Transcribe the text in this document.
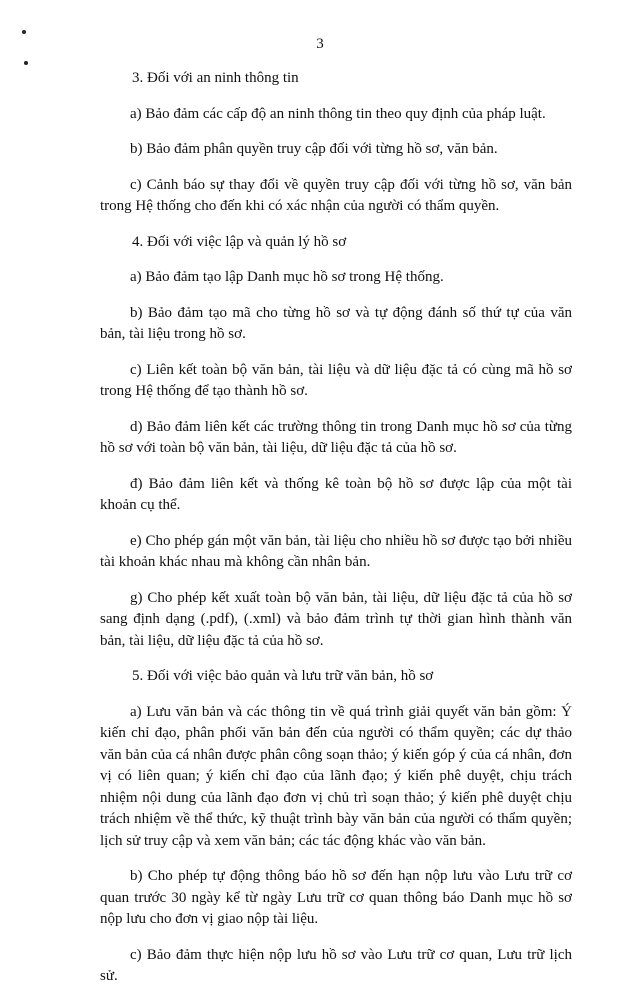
3

3. Đối với an ninh thông tin

a) Bảo đảm các cấp độ an ninh thông tin theo quy định của pháp luật.

b) Bảo đảm phân quyền truy cập đối với từng hồ sơ, văn bản.

c) Cảnh báo sự thay đổi về quyền truy cập đối với từng hồ sơ, văn bản trong Hệ thống cho đến khi có xác nhận của người có thẩm quyền.

4. Đối với việc lập và quản lý hồ sơ

a) Bảo đảm tạo lập Danh mục hồ sơ trong Hệ thống.

b) Bảo đảm tạo mã cho từng hồ sơ và tự động đánh số thứ tự của văn bản, tài liệu trong hồ sơ.

c) Liên kết toàn bộ văn bản, tài liệu và dữ liệu đặc tả có cùng mã hồ sơ trong Hệ thống để tạo thành hồ sơ.

d) Bảo đảm liên kết các trường thông tin trong Danh mục hồ sơ của từng hồ sơ với toàn bộ văn bản, tài liệu, dữ liệu đặc tả của hồ sơ.

đ) Bảo đảm liên kết và thống kê toàn bộ hồ sơ được lập của một tài khoản cụ thể.

e) Cho phép gán một văn bản, tài liệu cho nhiều hồ sơ được tạo bởi nhiều tài khoản khác nhau mà không cần nhân bản.

g) Cho phép kết xuất toàn bộ văn bản, tài liệu, dữ liệu đặc tả của hồ sơ sang định dạng (.pdf), (.xml) và bảo đảm trình tự thời gian hình thành văn bản, tài liệu, dữ liệu đặc tả của hồ sơ.

5. Đối với việc bảo quản và lưu trữ văn bản, hồ sơ

a) Lưu văn bản và các thông tin về quá trình giải quyết văn bản gồm: Ý kiến chỉ đạo, phân phối văn bản đến của người có thẩm quyền; các dự thảo văn bản của cá nhân được phân công soạn thảo; ý kiến góp ý của cá nhân, đơn vị có liên quan; ý kiến chỉ đạo của lãnh đạo; ý kiến phê duyệt, chịu trách nhiệm nội dung của lãnh đạo đơn vị chủ trì soạn thảo; ý kiến phê duyệt chịu trách nhiệm về thể thức, kỹ thuật trình bày văn bản của người có thẩm quyền; lịch sử truy cập và xem văn bản; các tác động khác vào văn bản.

b) Cho phép tự động thông báo hồ sơ đến hạn nộp lưu vào Lưu trữ cơ quan trước 30 ngày kể từ ngày Lưu trữ cơ quan thông báo Danh mục hồ sơ nộp lưu cho đơn vị giao nộp tài liệu.

c) Bảo đảm thực hiện nộp lưu hồ sơ vào Lưu trữ cơ quan, Lưu trữ lịch sử.
